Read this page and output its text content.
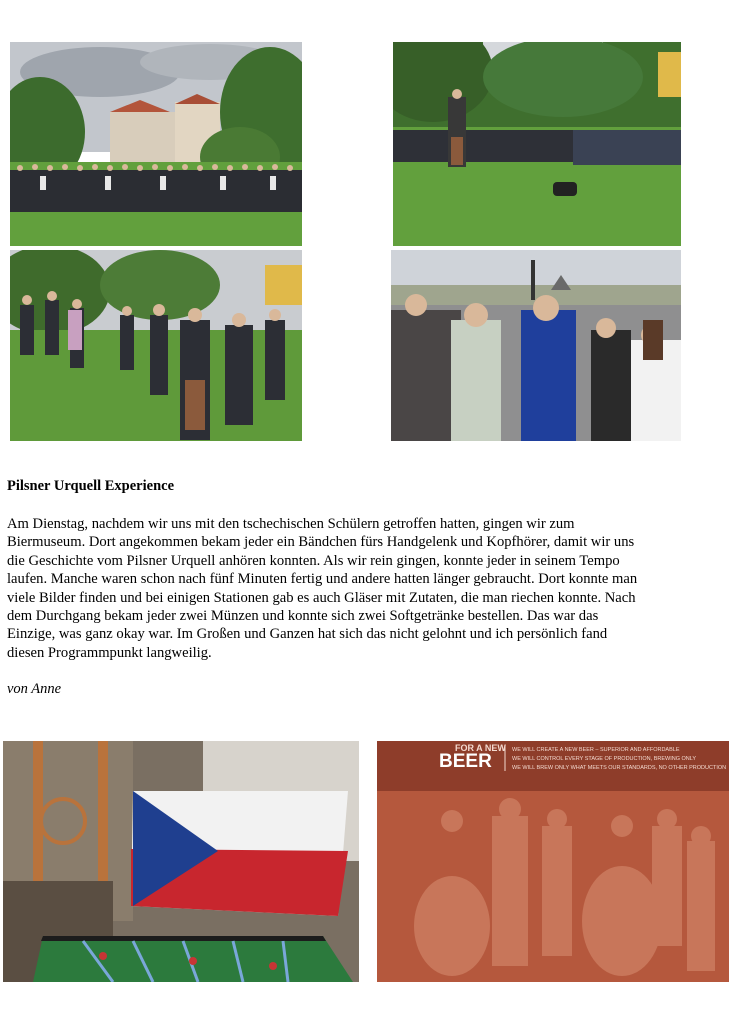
Pilsner Urquell Experience
Am Dienstag, nachdem wir uns mit den tschechischen Schülern getroffen hatten, gingen wir zum
Biermuseum. Dort angekommen bekam jeder ein Bändchen fürs Handgelenk und Kopfhörer, damit wir uns
die Geschichte vom Pilsner Urquell anhören konnten. Als wir rein gingen, konnte jeder in seinem Tempo
laufen. Manche waren schon nach fünf Minuten fertig und andere hatten länger gebraucht. Dort konnte man
viele Bilder finden und bei einigen Stationen gab es auch Gläser mit Zutaten, die man riechen konnte. Nach
dem Durchgang bekam jeder zwei Münzen und konnte sich zwei Softgetränke bestellen. Das war das
Einzige, was ganz okay war. Im Großen und Ganzen hat sich das nicht gelohnt und ich persönlich fand
diesen Programmpunkt langweilig.
von Anne
FOR A NEW
BEER
WE WILL CREATE A NEW BEER – SUPERIOR AND AFFORDABLE
WE WILL CONTROL EVERY STAGE OF PRODUCTION, BREWING ONLY
WE WILL BREW ONLY WHAT MEETS OUR STANDARDS, NO OTHER PRODUCTION
